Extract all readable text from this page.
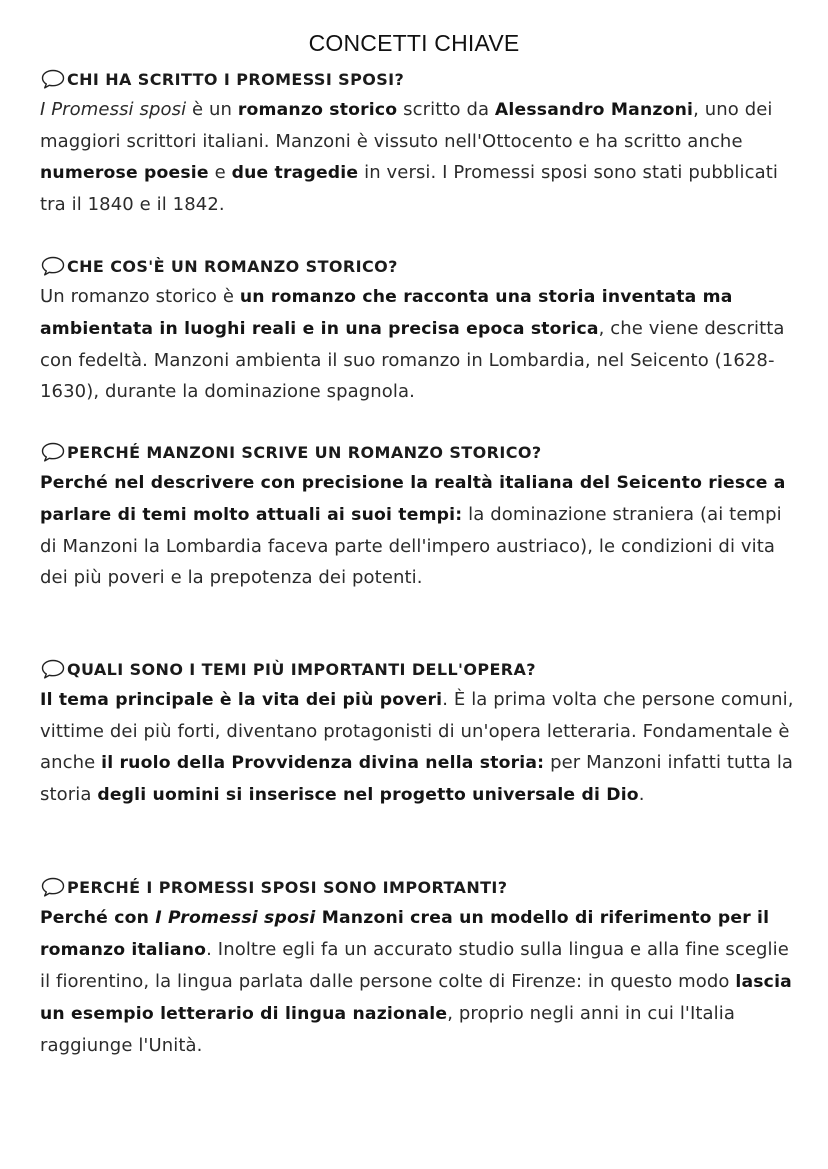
CONCETTI CHIAVE
CHI HA SCRITTO I PROMESSI SPOSI?

I Promessi sposi è un romanzo storico scritto da Alessandro Manzoni, uno dei maggiori scrittori italiani. Manzoni è vissuto nell'Ottocento e ha scritto anche numerose poesie e due tragedie in versi. I Promessi sposi sono stati pubblicati tra il 1840 e il 1842.

CHE COS'È UN ROMANZO STORICO?

Un romanzo storico è un romanzo che racconta una storia inventata ma ambientata in luoghi reali e in una precisa epoca storica, che viene descritta con fedeltà. Manzoni ambienta il suo romanzo in Lombardia, nel Seicento (1628-1630), durante la dominazione spagnola.

PERCHÉ MANZONI SCRIVE UN ROMANZO STORICO?

Perché nel descrivere con precisione la realtà italiana del Seicento riesce a parlare di temi molto attuali ai suoi tempi: la dominazione straniera (ai tempi di Manzoni la Lombardia faceva parte dell'impero austriaco), le condizioni di vita dei più poveri e la prepotenza dei potenti.

QUALI SONO I TEMI PIÙ IMPORTANTI DELL'OPERA?

Il tema principale è la vita dei più poveri. È la prima volta che persone comuni, vittime dei più forti, diventano protagonisti di un'opera letteraria. Fondamentale è anche il ruolo della Provvidenza divina nella storia: per Manzoni infatti tutta la storia degli uomini si inserisce nel progetto universale di Dio.

PERCHÉ I PROMESSI SPOSI SONO IMPORTANTI?

Perché con I Promessi sposi Manzoni crea un modello di riferimento per il romanzo italiano. Inoltre egli fa un accurato studio sulla lingua e alla fine sceglie il fiorentino, la lingua parlata dalle persone colte di Firenze: in questo modo lascia un esempio letterario di lingua nazionale, proprio negli anni in cui l'Italia raggiunge l'Unità.
